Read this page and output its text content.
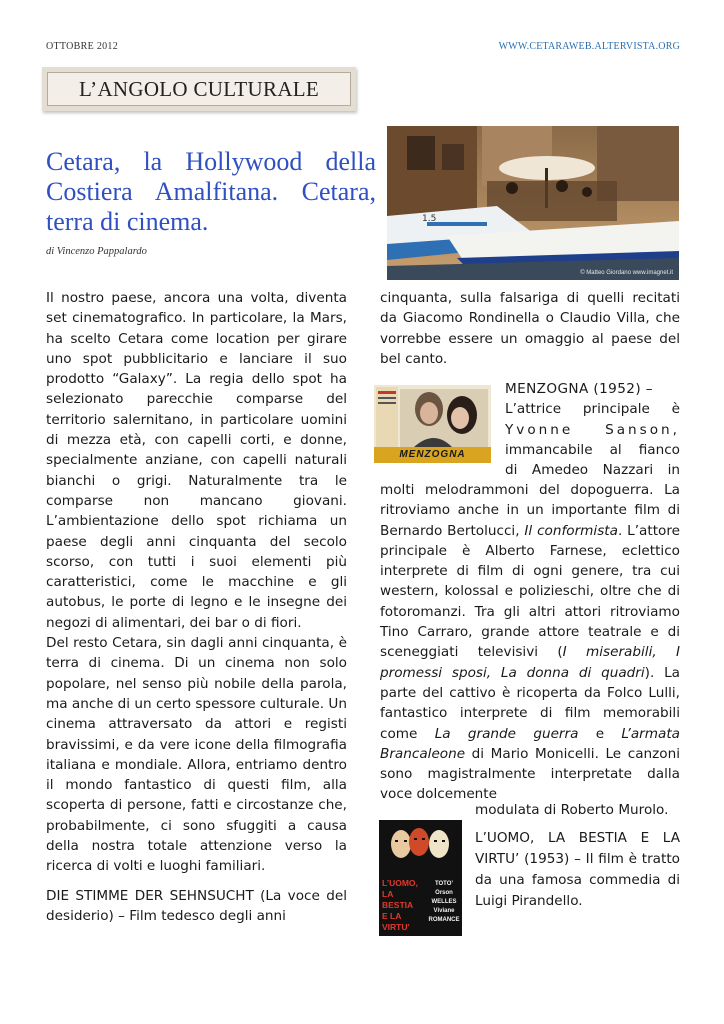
OTTOBRE 2012	WWW.CETARAWEB.ALTERVISTA.ORG
L’ANGOLO CULTURALE
Cetara, la Hollywood della Costiera Amalfitana. Cetara, terra di cinema.
di Vincenzo Pappalardo
1.5
© Matteo Giordano www.imagnet.it

Il nostro paese, ancora una volta, diventa set cinematografico. In particolare, la Mars, ha scelto Cetara come location per girare uno spot pubblicitario e lanciare il suo prodotto “Galaxy”. La regia dello spot ha selezionato parecchie comparse del territorio salernitano, in particolare uomini di mezza età, con capelli corti, e donne, specialmente anziane, con capelli naturali bianchi o grigi. Naturalmente tra le comparse non mancano giovani. L’ambientazione dello spot richiama un paese degli anni cinquanta del secolo scorso, con tutti i suoi elementi più caratteristici, come le macchine e gli autobus, le porte di legno e le insegne dei negozi di alimentari, dei bar o di fiori.

Del resto Cetara, sin dagli anni cinquanta, è terra di cinema. Di un cinema non solo popolare, nel senso più nobile della parola, ma anche di un certo spessore culturale. Un cinema attraversato da attori e registi bravissimi, e da vere icone della filmografia italiana e mondiale. Allora, entriamo dentro il mondo fantastico di questi film, alla scoperta di persone, fatti e circostanze che, probabilmente, ci sono sfuggiti a causa della nostra totale attenzione verso la ricerca di volti e luoghi familiari.

DIE STIMME DER SEHNSUCHT (La voce del desiderio) – Film tedesco degli anni

cinquanta, sulla falsariga di quelli recitati da Giacomo Rondinella o Claudio Villa, che vorrebbe essere un omaggio al paese del bel canto.

MENZOGNA

MENZOGNA (1952) –

L’attrice principale è

Yvonne Sanson,

immancabile al fianco

di Amedeo Nazzari in

molti melodrammoni del dopoguerra. La ritroviamo anche in un importante film di Bernardo Bertolucci, Il conformista. L’attore principale è Alberto Farnese, eclettico interprete di film di ogni genere, tra cui western, kolossal e polizieschi, oltre che di fotoromanzi. Tra gli altri attori ritroviamo Tino Carraro, grande attore teatrale e di sceneggiati televisivi (I miserabili, I promessi sposi, La donna di quadri). La parte del cattivo è ricoperta da Folco Lulli, fantastico interprete di film memorabili come La grande guerra e L’armata Brancaleone di Mario Monicelli. Le canzoni sono magistralmente interpretate dalla voce dolcemente

modulata di Roberto Murolo.

L’UOMO,
LA BESTIA
E LA VIRTU’
TOTO’
Orson WELLES
Viviane ROMANCE

L’UOMO, LA BESTIA E LA VIRTU’ (1953) – Il film è tratto da una famosa commedia di Luigi Pirandello.
